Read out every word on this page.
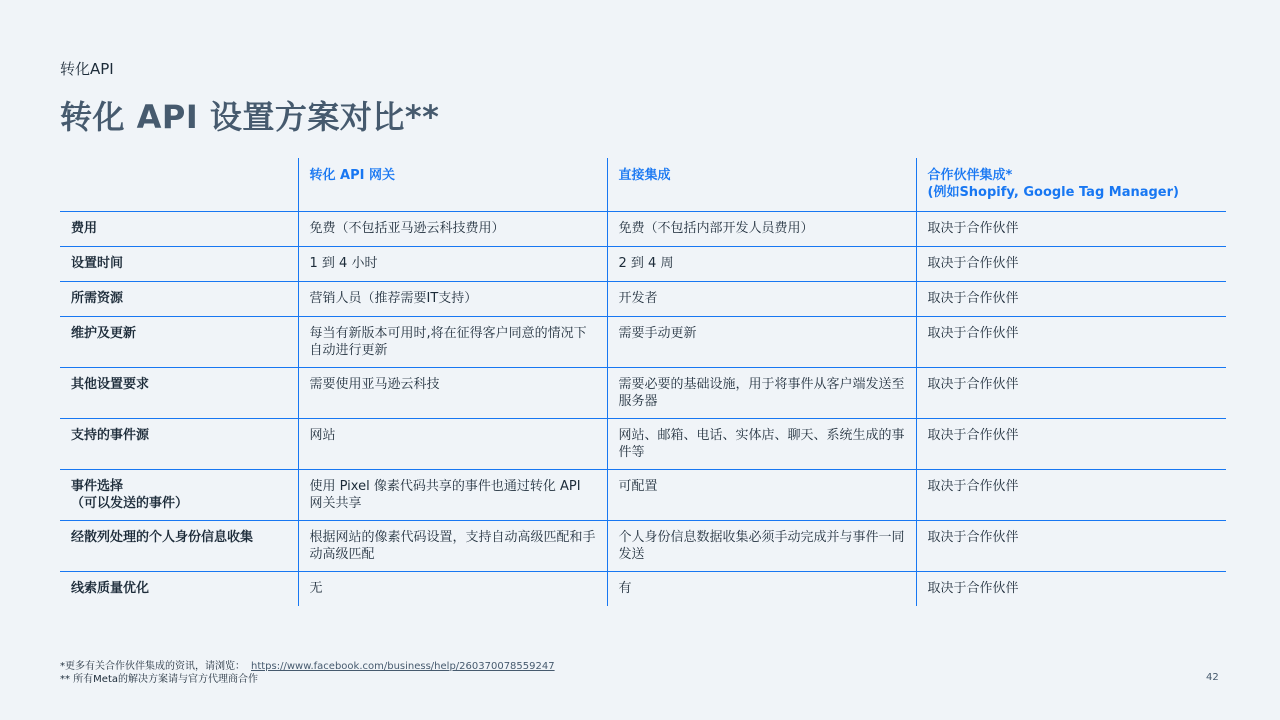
转化API
转化 API 设置方案对比**
	转化 API 网关	直接集成	合作伙伴集成*
(例如Shopify, Google Tag Manager)

费用	免费（不包括亚马逊云科技费用）	免费（不包括内部开发人员费用）	取决于合作伙伴
设置时间	1 到 4 小时	2 到 4 周	取决于合作伙伴
所需资源	营销人员（推荐需要IT支持）	开发者	取决于合作伙伴
维护及更新	每当有新版本可用时,将在征得客户同意的情况下自动进行更新	需要手动更新	取决于合作伙伴
其他设置要求	需要使用亚马逊云科技	需要必要的基础设施，用于将事件从客户端发送至服务器	取决于合作伙伴
支持的事件源	网站	网站、邮箱、电话、实体店、聊天、系统生成的事件等	取决于合作伙伴

事件选择
（可以发送的事件）	使用 Pixel 像素代码共享的事件也通过转化 API 网关共享	可配置	取决于合作伙伴
经散列处理的个人身份信息收集	根据网站的像素代码设置，支持自动高级匹配和手动高级匹配	个人身份信息数据收集必须手动完成并与事件一同发送	取决于合作伙伴
线索质量优化	无	有	取决于合作伙伴
*更多有关合作伙伴集成的资讯，请浏览： https://www.facebook.com/business/help/260370078559247
** 所有Meta的解决方案请与官方代理商合作	42
